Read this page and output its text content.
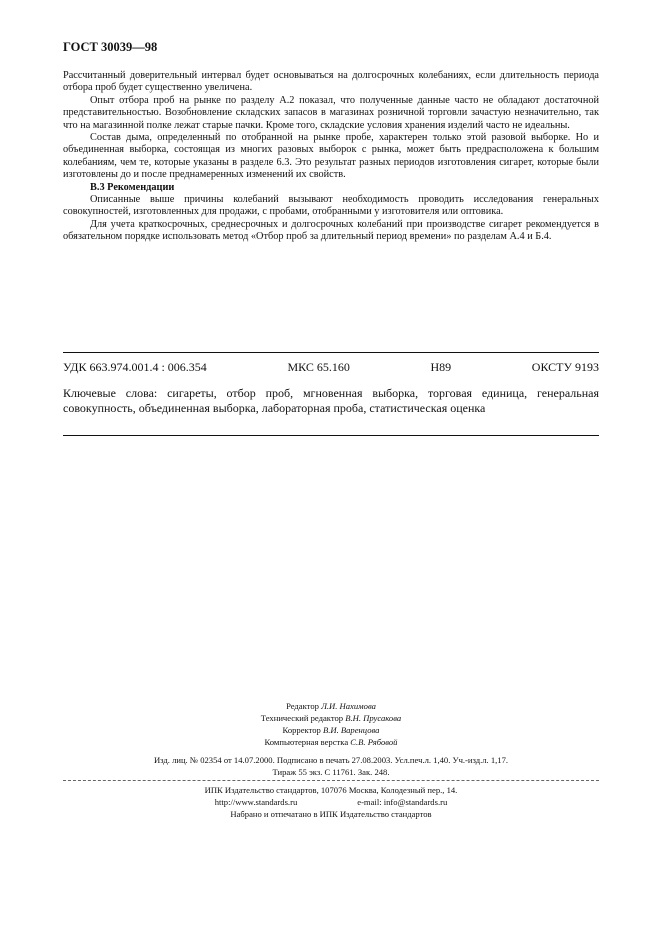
ГОСТ 30039—98

Рассчитанный доверительный интервал будет основываться на долгосрочных колебаниях, если длительность периода отбора проб будет существенно увеличена.

Опыт отбора проб на рынке по разделу А.2 показал, что полученные данные часто не обладают достаточной представительностью. Возобновление складских запасов в магазинах розничной торговли зачастую незначительно, так что на магазинной полке лежат старые пачки. Кроме того, складские условия хранения изделий часто не идеальны.

Состав дыма, определенный по отобранной на рынке пробе, характерен только этой разовой выборке. Но и объединенная выборка, состоящая из многих разовых выборок с рынка, может быть предрасположена к большим колебаниям, чем те, которые указаны в разделе 6.3. Это результат разных периодов изготовления сигарет, которые были изготовлены до и после преднамеренных изменений их свойств.

В.3 Рекомендации

Описанные выше причины колебаний вызывают необходимость проводить исследования генеральных совокупностей, изготовленных для продажи, с пробами, отобранными у изготовителя или оптовика.

Для учета краткосрочных, среднесрочных и долгосрочных колебаний при производстве сигарет рекомендуется в обязательном порядке использовать метод «Отбор проб за длительный период времени» по разделам А.4 и Б.4.

УДК 663.974.001.4 : 006.354	МКС 65.160	Н89	ОКСТУ 9193
Ключевые слова: сигареты, отбор проб, мгновенная выборка, торговая единица, генеральная совокупность, объединенная выборка, лабораторная проба, статистическая оценка
Редактор Л.И. Нахимова
Технический редактор В.Н. Прусакова
Корректор В.И. Варенцова
Компьютерная верстка С.В. Рябовой
Изд. лиц. № 02354 от 14.07.2000. Подписано в печать 27.08.2003. Усл.печ.л. 1,40. Уч.-изд.л. 1,17.
Тираж 55 экз. С 11761. Зак. 248.
ИПК Издательство стандартов, 107076 Москва, Колодезный пер., 14.
http://www.standards.ru	e-mail: info@standards.ru
Набрано и отпечатано в ИПК Издательство стандартов
